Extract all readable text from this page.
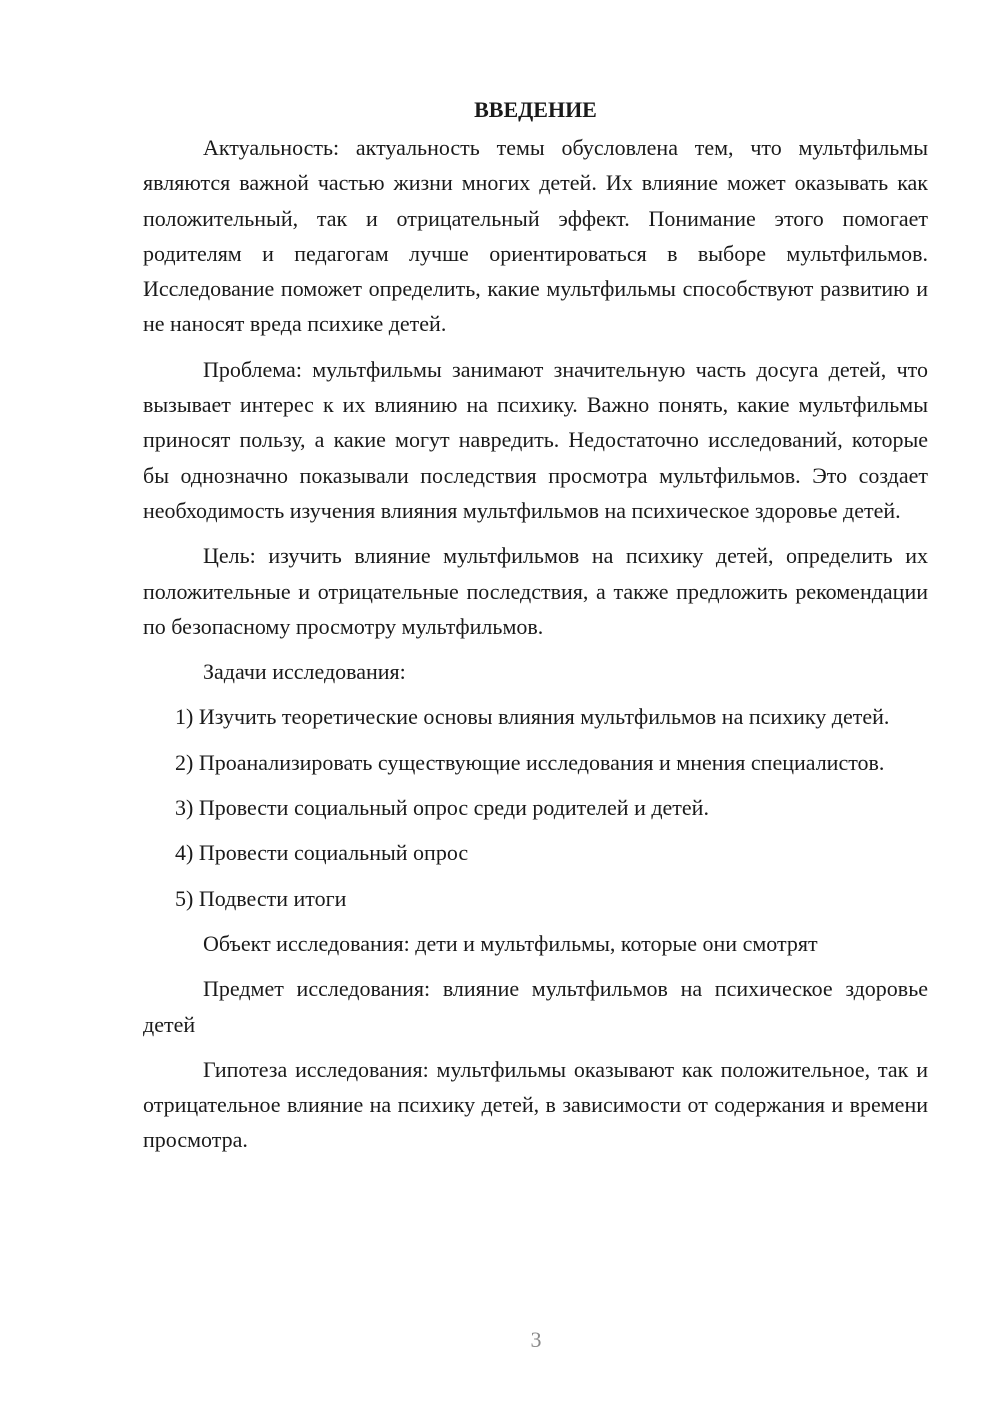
ВВЕДЕНИЕ

Актуальность: актуальность темы обусловлена тем, что мультфильмы являются важной частью жизни многих детей. Их влияние может оказывать как положительный, так и отрицательный эффект. Понимание этого помогает родителям и педагогам лучше ориентироваться в выборе мультфильмов. Исследование поможет определить, какие мультфильмы способствуют развитию и не наносят вреда психике детей.

Проблема: мультфильмы занимают значительную часть досуга детей, что вызывает интерес к их влиянию на психику. Важно понять, какие мультфильмы приносят пользу, а какие могут навредить. Недостаточно исследований, которые бы однозначно показывали последствия просмотра мультфильмов. Это создает необходимость изучения влияния мультфильмов на психическое здоровье детей.

Цель: изучить влияние мультфильмов на психику детей, определить их положительные и отрицательные последствия, а также предложить рекомендации по безопасному просмотру мультфильмов.

Задачи исследования:

1) Изучить теоретические основы влияния мультфильмов на психику детей.

2) Проанализировать существующие исследования и мнения специалистов.

3) Провести социальный опрос среди родителей и детей.

4) Провести социальный опрос

5) Подвести итоги

Объект исследования: дети и мультфильмы, которые они смотрят

Предмет исследования: влияние мультфильмов на психическое здоровье детей

Гипотеза исследования: мультфильмы оказывают как положительное, так и отрицательное влияние на психику детей, в зависимости от содержания и времени просмотра.

3
